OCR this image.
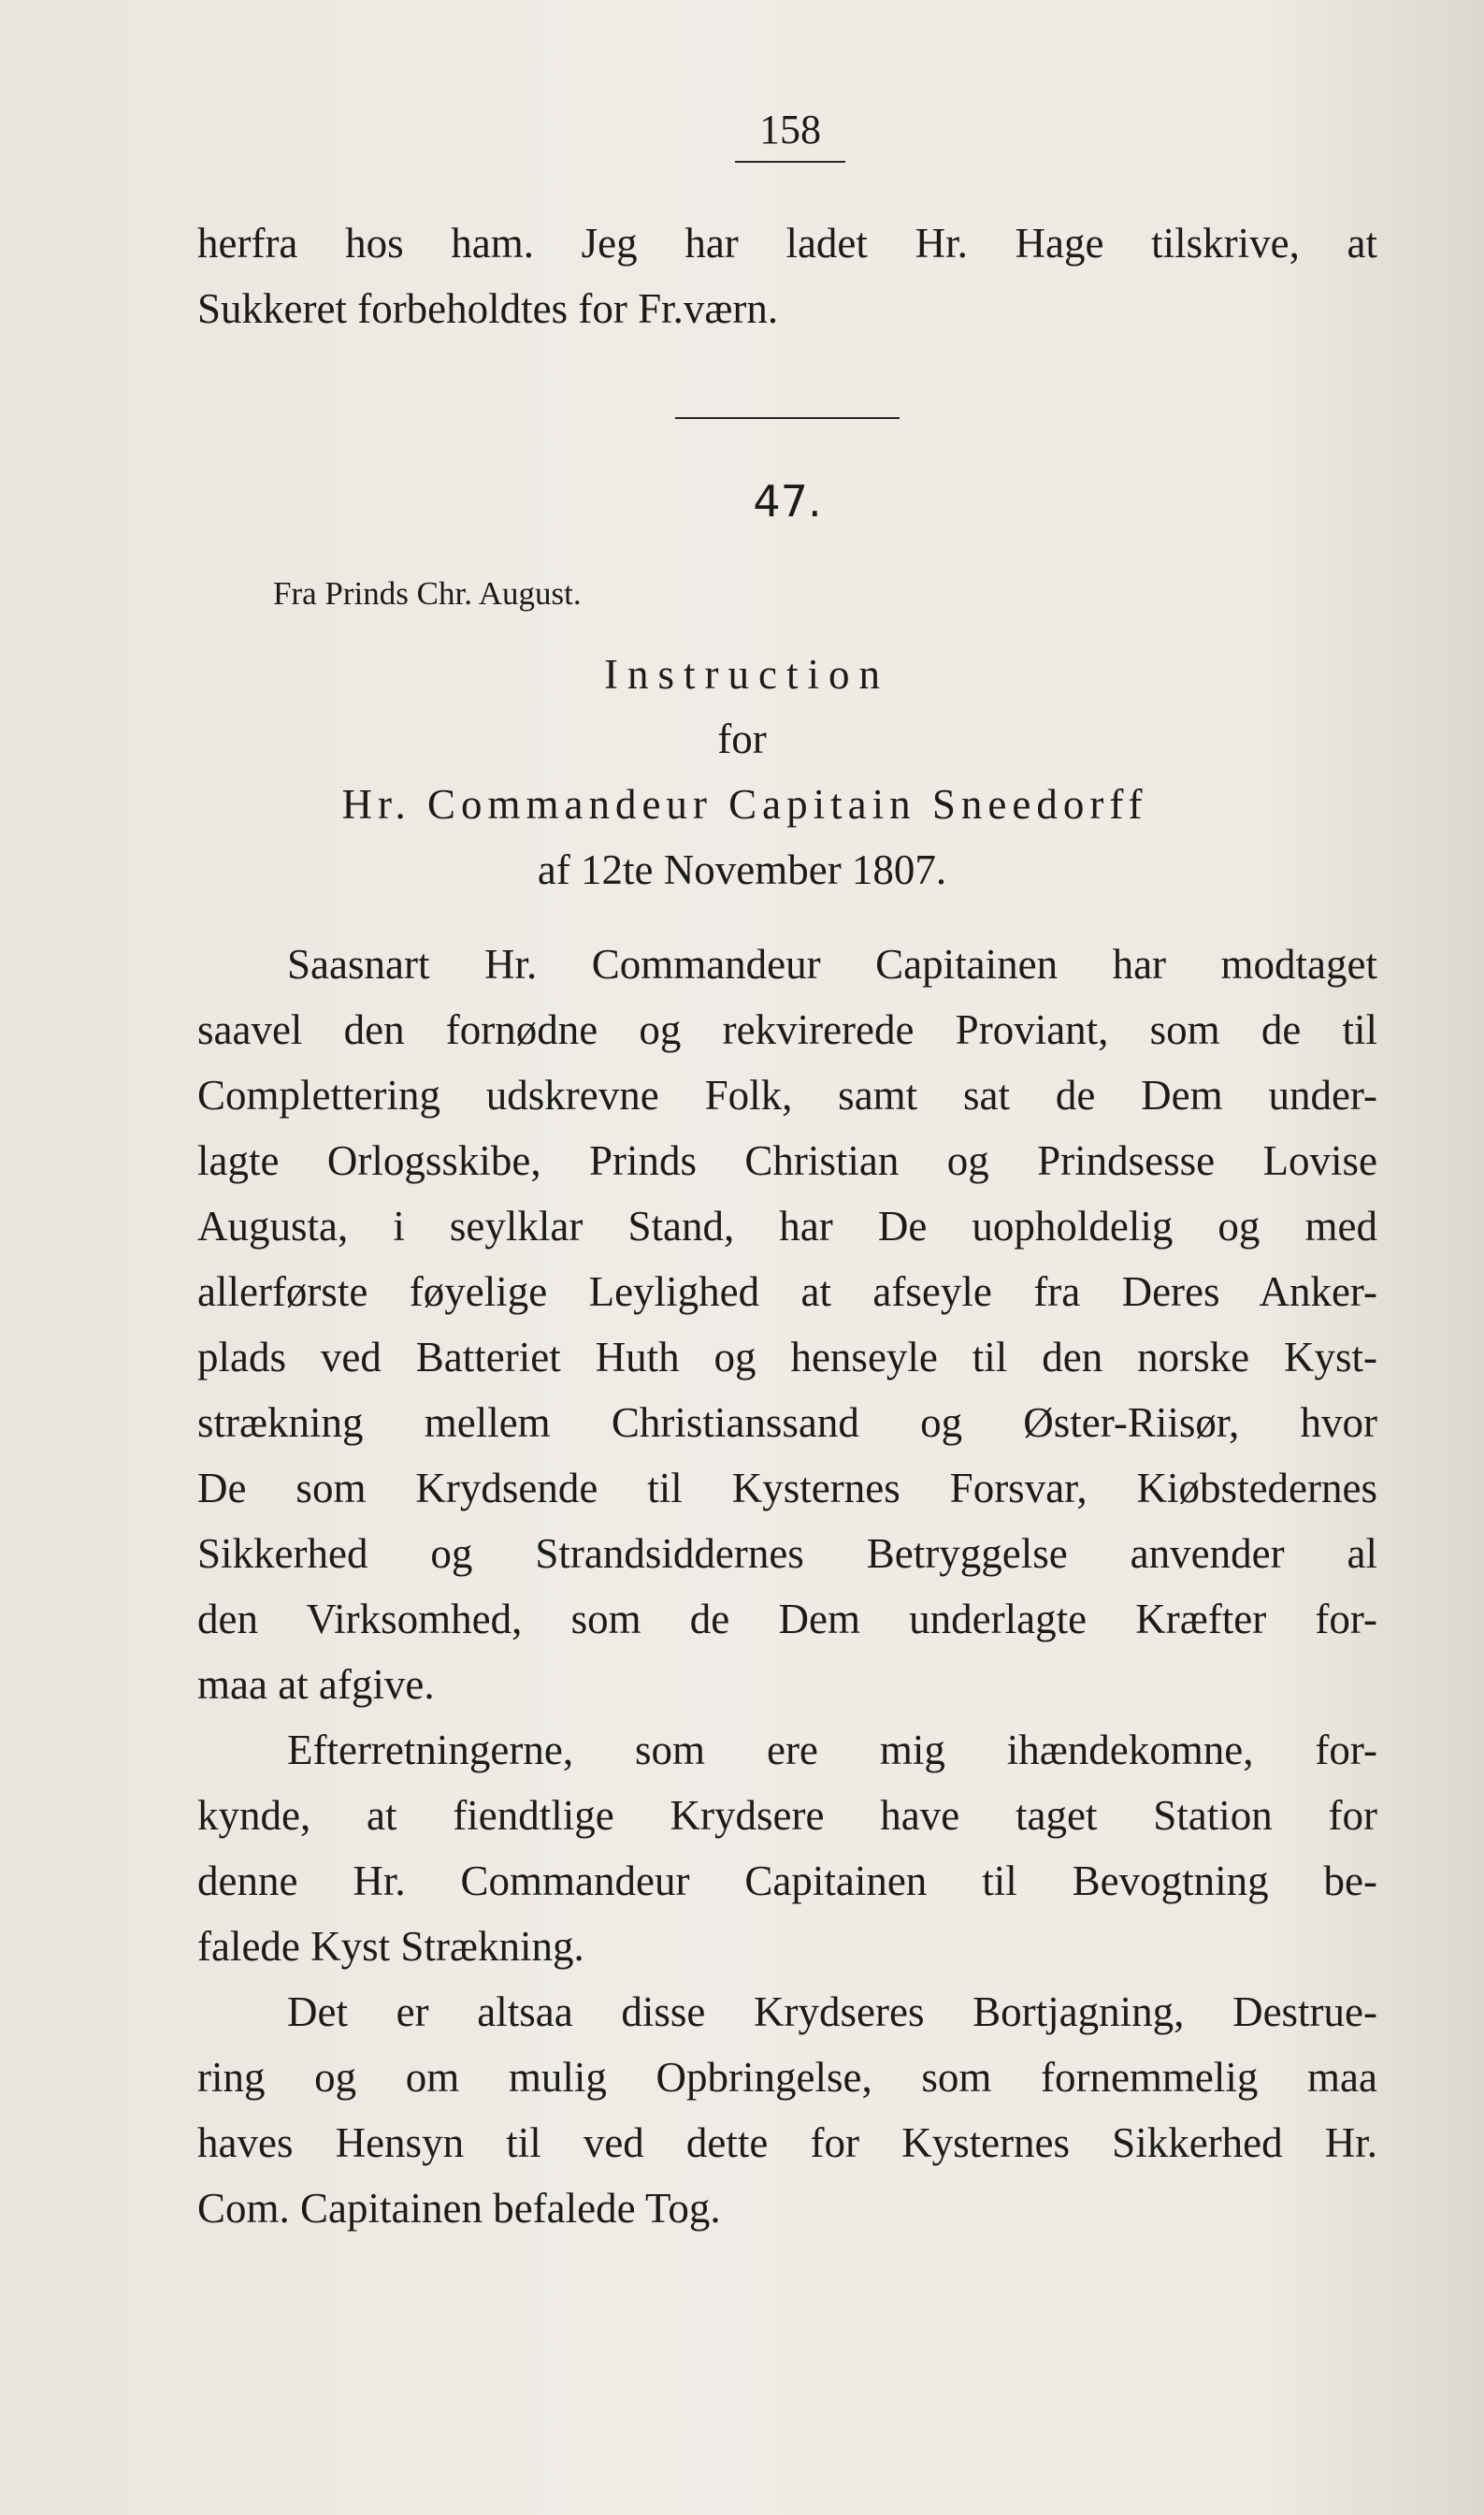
158
herfra hos ham. Jeg har ladet Hr. Hage tilskrive, at
Sukkeret forbeholdtes for Fr.værn.
47.
Fra Prinds Chr. August.
Instruction
for
Hr. Commandeur Capitain Sneedorff
af 12te November 1807.
Saasnart Hr. Commandeur Capitainen har modtaget
saavel den fornødne og rekvirerede Proviant, som de til
Complettering udskrevne Folk, samt sat de Dem under-
lagte Orlogsskibe, Prinds Christian og Prindsesse Lovise
Augusta, i seylklar Stand, har De uopholdelig og med
allerførste føyelige Leylighed at afseyle fra Deres Anker-
plads ved Batteriet Huth og henseyle til den norske Kyst-
strækning mellem Christianssand og Øster-Riisør, hvor
De som Krydsende til Kysternes Forsvar, Kiøbstedernes
Sikkerhed og Strandsiddernes Betryggelse anvender al
den Virksomhed, som de Dem underlagte Kræfter for-
maa at afgive.
Efterretningerne, som ere mig ihændekomne, for-
kynde, at fiendtlige Krydsere have taget Station for
denne Hr. Commandeur Capitainen til Bevogtning be-
falede Kyst Strækning.
Det er altsaa disse Krydseres Bortjagning, Destrue-
ring og om mulig Opbringelse, som fornemmelig maa
haves Hensyn til ved dette for Kysternes Sikkerhed Hr.
Com. Capitainen befalede Tog.
